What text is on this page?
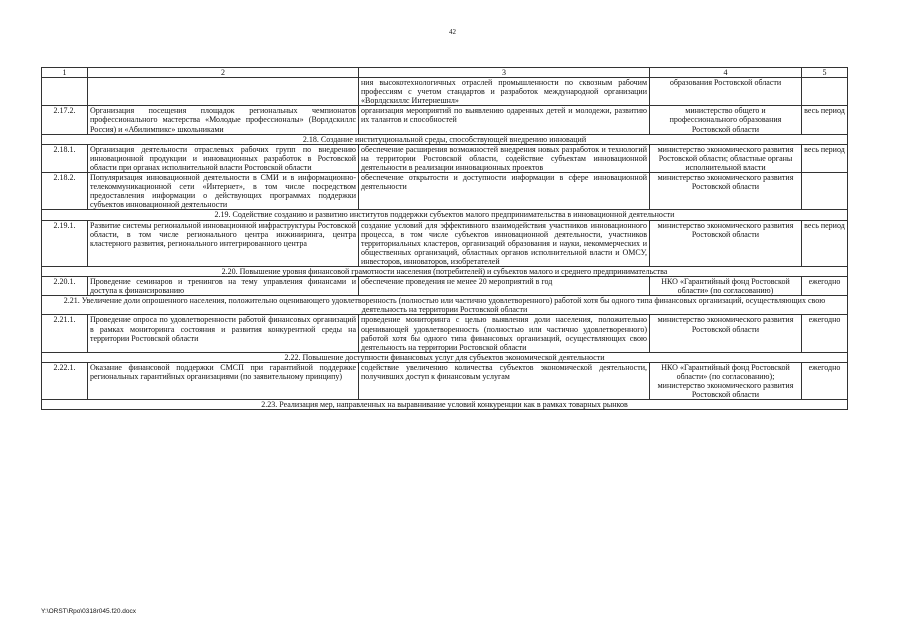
42
1	2	3	4	5
		ния высокотехнологичных отраслей промышленности по сквозным рабочим профессиям с учетом стандартов и разработок международной организации «Ворлдскиллс Интернешнл»	образования Ростовской области	
2.17.2.	Организация посещения площадок региональных чемпионатов профессионального мастерства «Молодые профессионалы» (Ворлдскиллс Россия) и «Абилимпикс» школьниками	организация мероприятий по выявлению одаренных детей и молодежи, развитию их талантов и способностей	министерство общего и профессионального образования Ростовской области	весь период
2.18. Создание институциональной среды, способствующей внедрению инноваций				
2.18.1.	Организация деятельности отраслевых рабочих групп по внедрению инновационной продукции и инновационных разработок в Ростовской области при органах исполнительной власти Ростовской области	обеспечение расширения возможностей внедрения новых разработок и технологий на территории Ростовской области, содействие субъектам инновационной деятельности в реализации инновационных проектов	министерство экономического развития Ростовской области; областные органы исполнительной власти	весь период
2.18.2.	Популяризация инновационной деятельности в СМИ и в информационно-телекоммуникационной сети «Интернет», в том числе посредством предоставления информации о действующих программах поддержки субъектов инновационной деятельности	обеспечение открытости и доступности информации в сфере инновационной деятельности	министерство экономического развития Ростовской области	
2.19. Содействие созданию и развитию институтов поддержки субъектов малого предпринимательства в инновационной деятельности				
2.19.1.	Развитие системы региональной инновационной инфраструктуры Ростовской области, в том числе регионального центра инжиниринга, центра кластерного развития, регионального интегрированного центра	создание условий для эффективного взаимодействия участников инновационного процесса, в том числе субъектов инновационной деятельности, участников территориальных кластеров, организаций образования и науки, некоммерческих и общественных организаций, областных органов исполнительной власти и ОМСУ, инвесторов, инноваторов, изобретателей	министерство экономического развития Ростовской области	весь период
2.20. Повышение уровня финансовой грамотности населения (потребителей) и субъектов малого и среднего предпринимательства				
2.20.1.	Проведение семинаров и тренингов на тему управления финансами и доступа к финансированию	обеспечение проведения не менее 20 мероприятий в год	НКО «Гарантийный фонд Ростовской области» (по согласованию)	ежегодно
2.21. Увеличение доли опрошенного населения, положительно оценивающего удовлетворенность (полностью или частично удовлетворенного) работой хотя бы одного типа финансовых организаций, осуществляющих свою деятельность на территории Ростовской области				
2.21.1.	Проведение опроса по удовлетворенности работой финансовых организаций в рамках мониторинга состояния и развития конкурентной среды на территории Ростовской области	проведение мониторинга с целью выявления доли населения, положительно оценивающей удовлетворенность (полностью или частично удовлетворенного) работой хотя бы одного типа финансовых организаций, осуществляющих свою деятельность на территории Ростовской области	министерство экономического развития Ростовской области	ежегодно
2.22. Повышение доступности финансовых услуг для субъектов экономической деятельности				
2.22.1.	Оказание финансовой поддержки СМСП при гарантийной поддержке региональных гарантийных организациями (по заявительному принципу)	содействие увеличению количества субъектов экономической деятельности, получивших доступ к финансовым услугам	НКО «Гарантийный фонд Ростовской области» (по согласованию); министерство экономического развития Ростовской области	ежегодно
2.23. Реализация мер, направленных на выравнивание условий конкуренции как в рамках товарных рынков				
Y:\ORST\Rpo\0318r045.f20.docx
